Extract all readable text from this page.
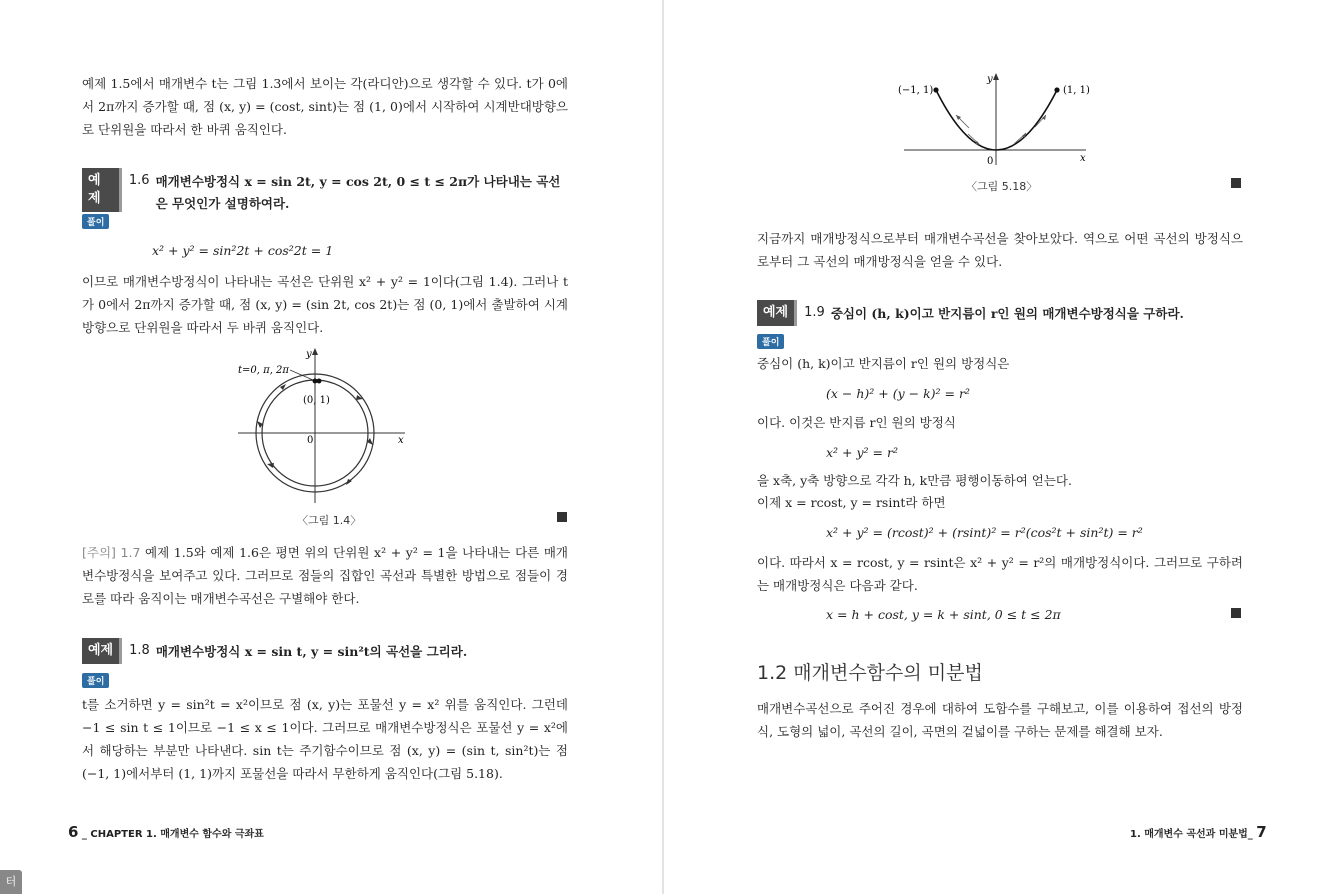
예제 1.5에서 매개변수 t는 그림 1.3에서 보이는 각(라디안)으로 생각할 수 있다. t가 0에서 2π까지 증가할 때, 점 (x, y) = (cost, sint)는 점 (1, 0)에서 시작하여 시계반대방향으로 단위원을 따라서 한 바퀴 움직인다.

예제
1.6 매개변수방정식 x = sin 2t, y = cos 2t, 0 ≤ t ≤ 2π가 나타내는 곡선은 무엇인가 설명하여라.
풀이
x² + y² = sin²2t + cos²2t = 1

이므로 매개변수방정식이 나타내는 곡선은 단위원 x² + y² = 1이다(그림 1.4). 그러나 t가 0에서 2π까지 증가할 때, 점 (x, y) = (sin 2t, cos 2t)는 점 (0, 1)에서 출발하여 시계방향으로 단위원을 따라서 두 바퀴 움직인다.

t=0, π, 2π
(0, 1)
0	x
y
〈그림 1.4〉

[주의] 1.7 예제 1.5와 예제 1.6은 평면 위의 단위원 x² + y² = 1을 나타내는 다른 매개변수방정식을 보여주고 있다. 그러므로 점들의 집합인 곡선과 특별한 방법으로 점들이 경로를 따라 움직이는 매개변수곡선은 구별해야 한다.

예제	1.8 매개변수방정식 x = sin t, y = sin²t의 곡선을 그리라.
풀이

t를 소거하면 y = sin²t = x²이므로 점 (x, y)는 포물선 y = x² 위를 움직인다. 그런데 −1 ≤ sin t ≤ 1이므로 −1 ≤ x ≤ 1이다. 그러므로 매개변수방정식은 포물선 y = x²에서 해당하는 부분만 나타낸다. sin t는 주기함수이므로 점 (x, y) = (sin t, sin²t)는 점 (−1, 1)에서부터 (1, 1)까지 포물선을 따라서 무한하게 움직인다(그림 5.18).

6 _ CHAPTER 1. 매개변수 함수와 극좌표
(−1, 1)	(1, 1)
0	x
y
〈그림 5.18〉

지금까지 매개방정식으로부터 매개변수곡선을 찾아보았다. 역으로 어떤 곡선의 방정식으로부터 그 곡선의 매개방정식을 얻을 수 있다.

예제	1.9 중심이 (h, k)이고 반지름이 r인 원의 매개변수방정식을 구하라.
풀이

중심이 (h, k)이고 반지름이 r인 원의 방정식은

(x − h)² + (y − k)² = r²

이다. 이것은 반지름 r인 원의 방정식

x² + y² = r²

을 x축, y축 방향으로 각각 h, k만큼 평행이동하여 얻는다.

이제 x = rcost, y = rsint라 하면

x² + y² = (rcost)² + (rsint)² = r²(cos²t + sin²t) = r²

이다. 따라서 x = rcost, y = rsint은 x² + y² = r²의 매개방정식이다. 그러므로 구하려는 매개방정식은 다음과 같다.

x = h + cost, y = k + sint, 0 ≤ t ≤ 2π
1.2 매개변수함수의 미분법

매개변수곡선으로 주어진 경우에 대하여 도함수를 구해보고, 이를 이용하여 접선의 방정식, 도형의 넓이, 곡선의 길이, 곡면의 겉넓이를 구하는 문제를 해결해 보자.

1. 매개변수 곡선과 미분법_ 7
터
